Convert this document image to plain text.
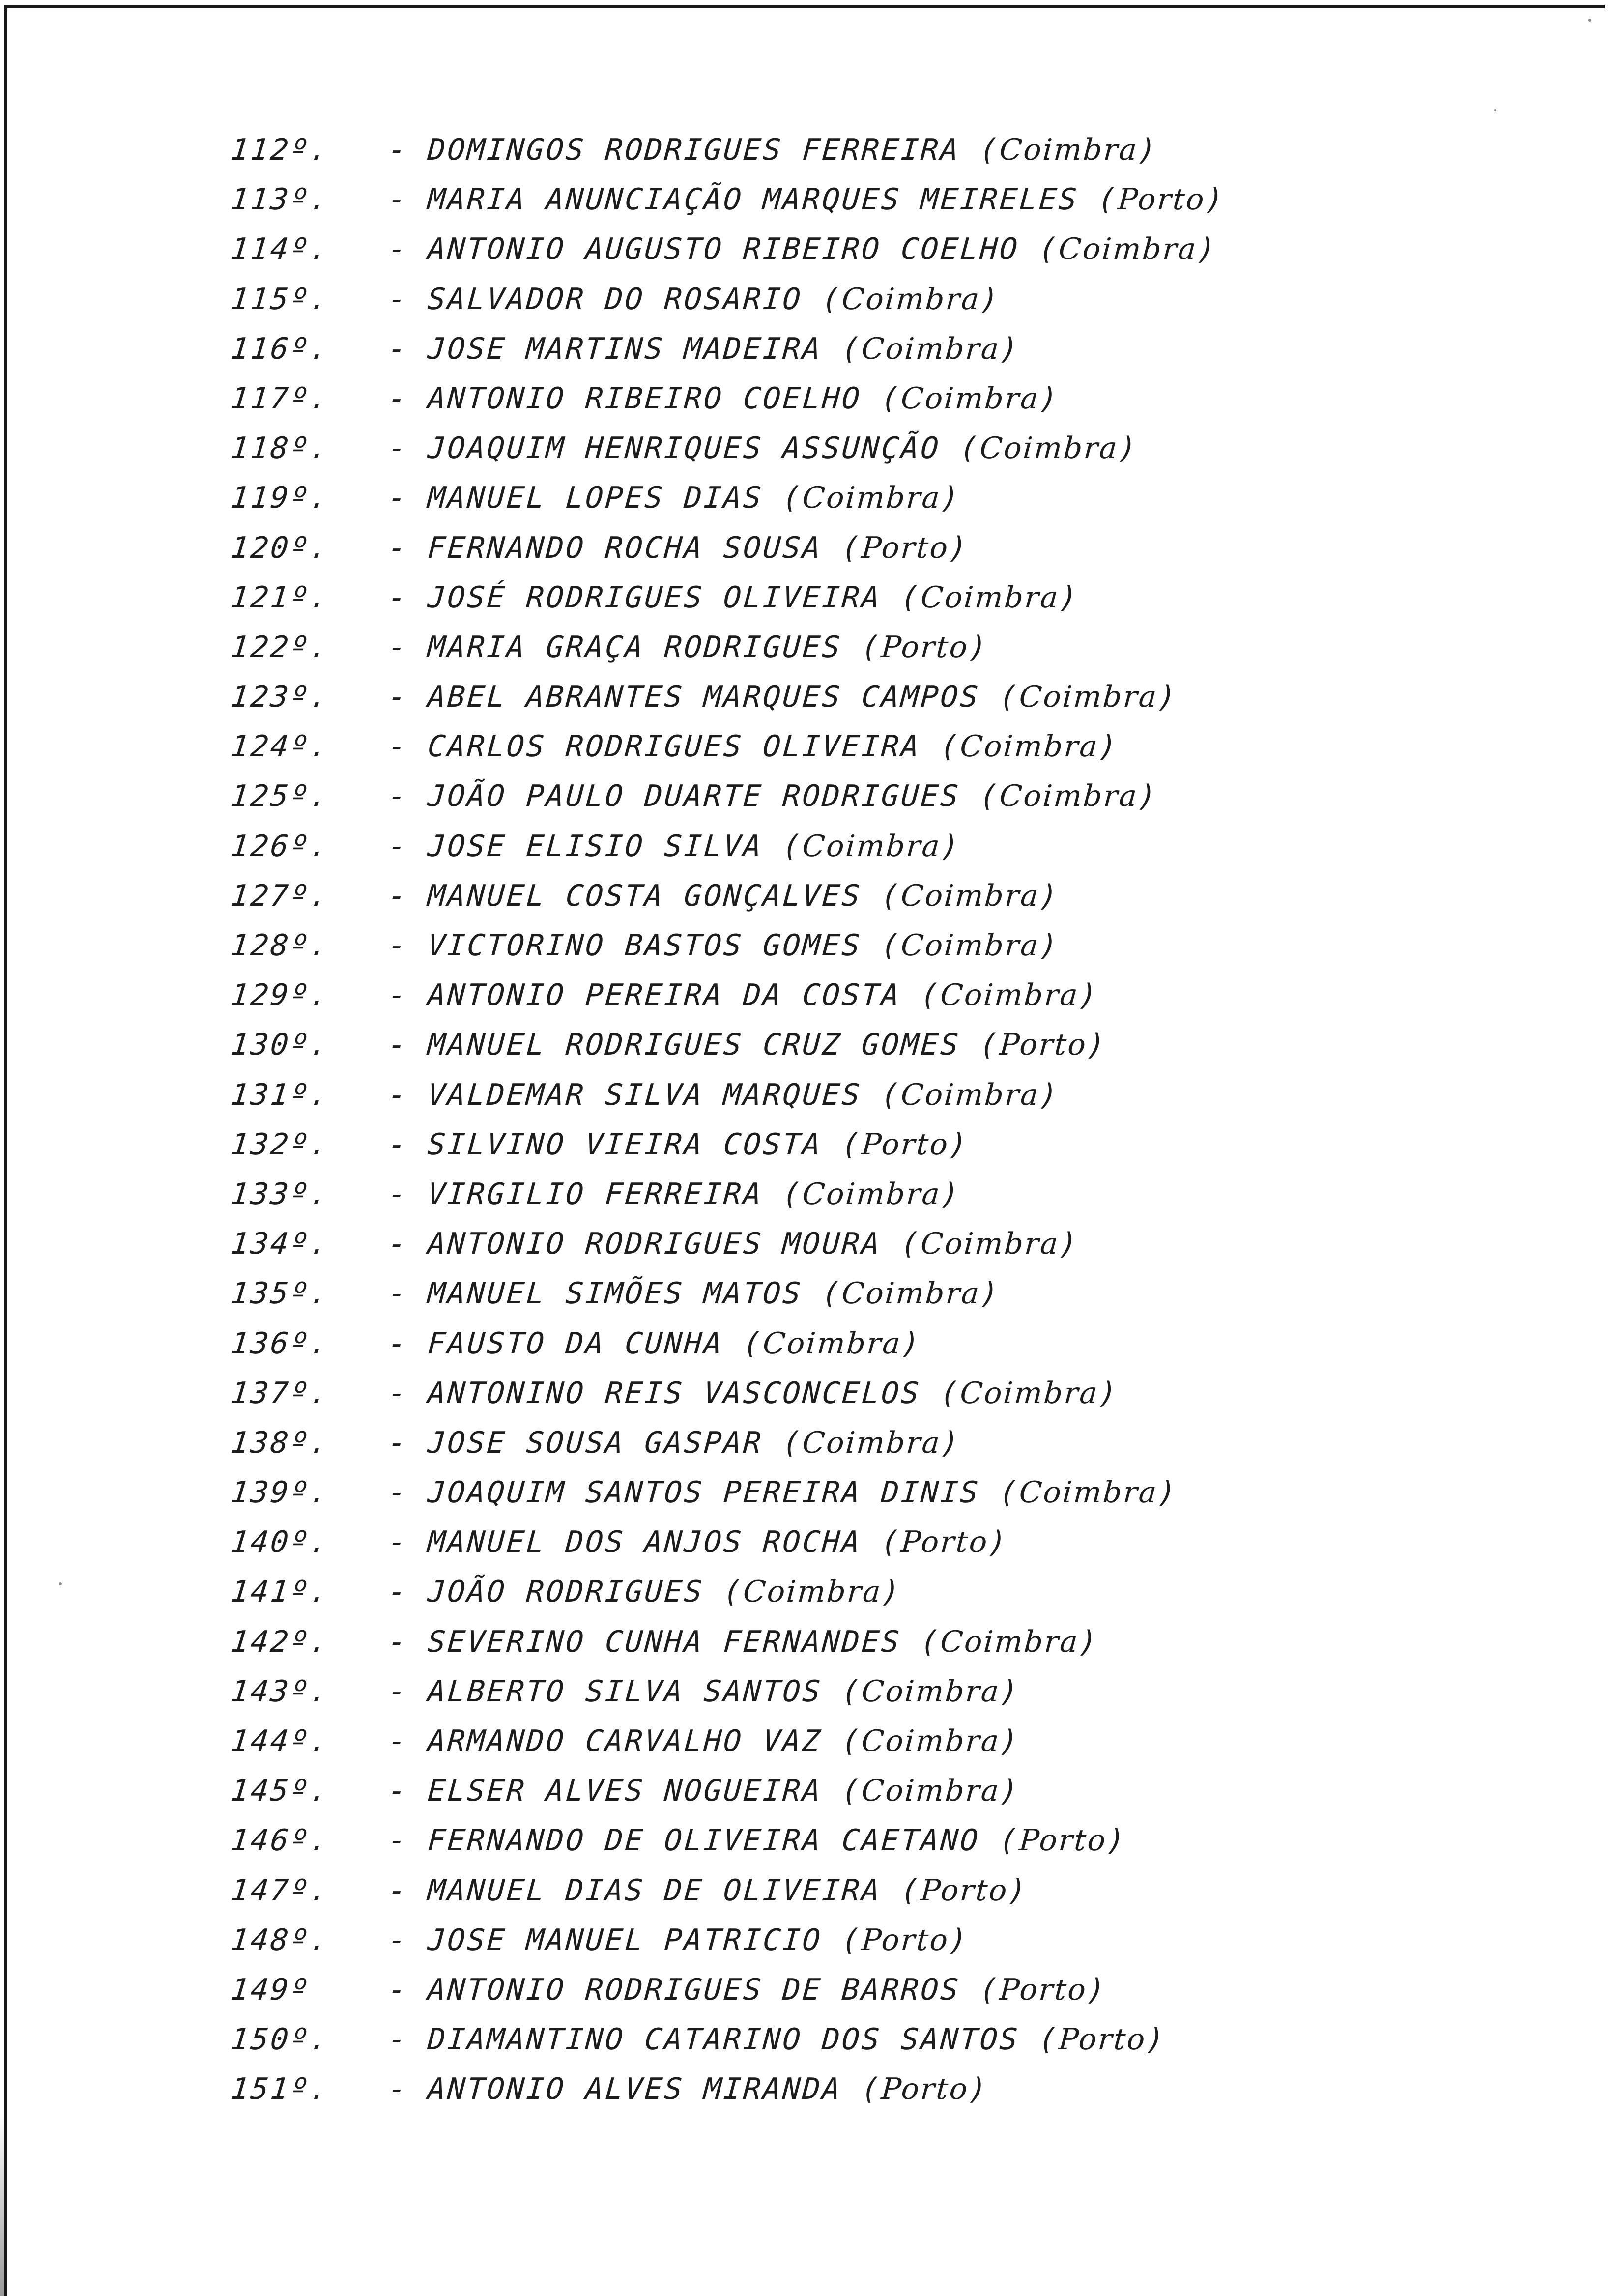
112º. - DOMINGOS RODRIGUES FERREIRA (Coimbra)
113º. - MARIA ANUNCIAÇÃO MARQUES MEIRELES (Porto)
114º. - ANTONIO AUGUSTO RIBEIRO COELHO (Coimbra)
115º. - SALVADOR DO ROSARIO (Coimbra)
116º. - JOSE MARTINS MADEIRA (Coimbra)
117º. - ANTONIO RIBEIRO COELHO (Coimbra)
118º. - JOAQUIM HENRIQUES ASSUNÇÃO (Coimbra)
119º. - MANUEL LOPES DIAS (Coimbra)
120º. - FERNANDO ROCHA SOUSA (Porto)
121º. - JOSÉ RODRIGUES OLIVEIRA (Coimbra)
122º. - MARIA GRAÇA RODRIGUES (Porto)
123º. - ABEL ABRANTES MARQUES CAMPOS (Coimbra)
124º. - CARLOS RODRIGUES OLIVEIRA (Coimbra)
125º. - JOÃO PAULO DUARTE RODRIGUES (Coimbra)
126º. - JOSE ELISIO SILVA (Coimbra)
127º. - MANUEL COSTA GONÇALVES (Coimbra)
128º. - VICTORINO BASTOS GOMES (Coimbra)
129º. - ANTONIO PEREIRA DA COSTA (Coimbra)
130º. - MANUEL RODRIGUES CRUZ GOMES (Porto)
131º. - VALDEMAR SILVA MARQUES (Coimbra)
132º. - SILVINO VIEIRA COSTA (Porto)
133º. - VIRGILIO FERREIRA (Coimbra)
134º. - ANTONIO RODRIGUES MOURA (Coimbra)
135º. - MANUEL SIMÕES MATOS (Coimbra)
136º. - FAUSTO DA CUNHA (Coimbra)
137º. - ANTONINO REIS VASCONCELOS (Coimbra)
138º. - JOSE SOUSA GASPAR (Coimbra)
139º. - JOAQUIM SANTOS PEREIRA DINIS (Coimbra)
140º. - MANUEL DOS ANJOS ROCHA (Porto)
141º. - JOÃO RODRIGUES (Coimbra)
142º. - SEVERINO CUNHA FERNANDES (Coimbra)
143º. - ALBERTO SILVA SANTOS (Coimbra)
144º. - ARMANDO CARVALHO VAZ (Coimbra)
145º. - ELSER ALVES NOGUEIRA (Coimbra)
146º. - FERNANDO DE OLIVEIRA CAETANO (Porto)
147º. - MANUEL DIAS DE OLIVEIRA (Porto)
148º. - JOSE MANUEL PATRICIO (Porto)
149º	- ANTONIO RODRIGUES DE BARROS (Porto)
150º. - DIAMANTINO CATARINO DOS SANTOS (Porto)
151º. - ANTONIO ALVES MIRANDA (Porto)
